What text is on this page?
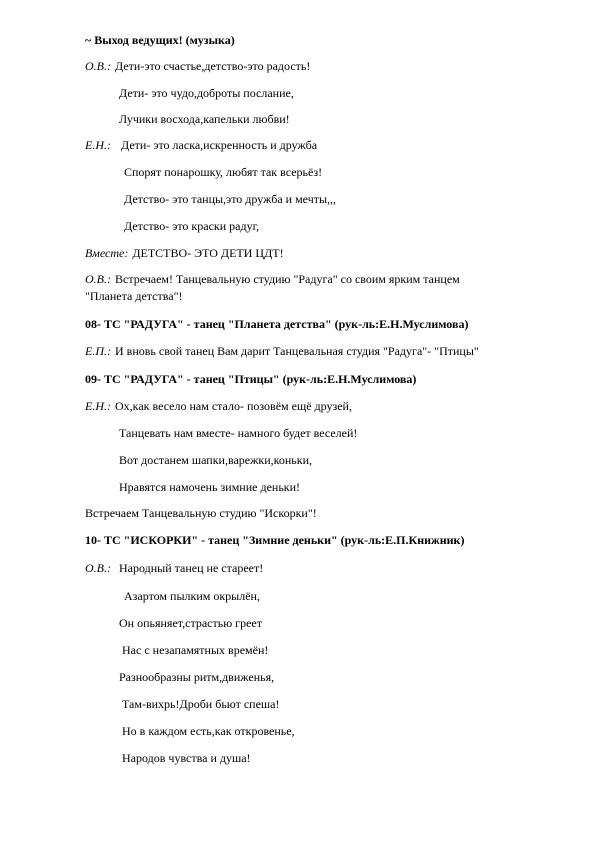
~ Выход ведущих! (музыка)
О.В.: Дети-это счастье,детство-это радость!
Дети- это чудо,доброты послание,
Лучики восхода,капельки любви!
Е.Н.: Дети- это ласка,искренность и дружба
Спорят понарошку, любят так всерьёз!
Детство- это танцы,это дружба и мечты,,,
Детство- это краски радуг,
Вместе: ДЕТСТВО- ЭТО ДЕТИ ЦДТ!
О.В.: Встречаем! Танцевальную студию "Радуга" со своим ярким танцем
"Планета детства"!
08- ТС "РАДУГА" - танец "Планета детства" (рук-ль:Е.Н.Муслимова)
Е.П.: И вновь свой танец Вам дарит Танцевальная студия "Радуга"- "Птицы"
09- ТС "РАДУГА" - танец "Птицы" (рук-ль:Е.Н.Муслимова)
Е.Н.: Ох,как весело нам стало- позовём ещё друзей,
Танцевать нам вместе- намного будет веселей!
Вот достанем шапки,варежки,коньки,
Нравятся намочень зимние деньки!
Встречаем Танцевальную студию "Искорки"!
10- ТС "ИСКОРКИ" - танец "Зимние деньки" (рук-ль:Е.П.Книжник)
О.В.: Народный танец не стареет!
Азартом пылким окрылён,
Он опьяняет,страстью греет
Нас с незапамятных времён!
Разнообразны ритм,движенья,
Там-вихрь!Дроби бьют спеша!
Но в каждом есть,как откровенье,
Народов чувства и душа!
